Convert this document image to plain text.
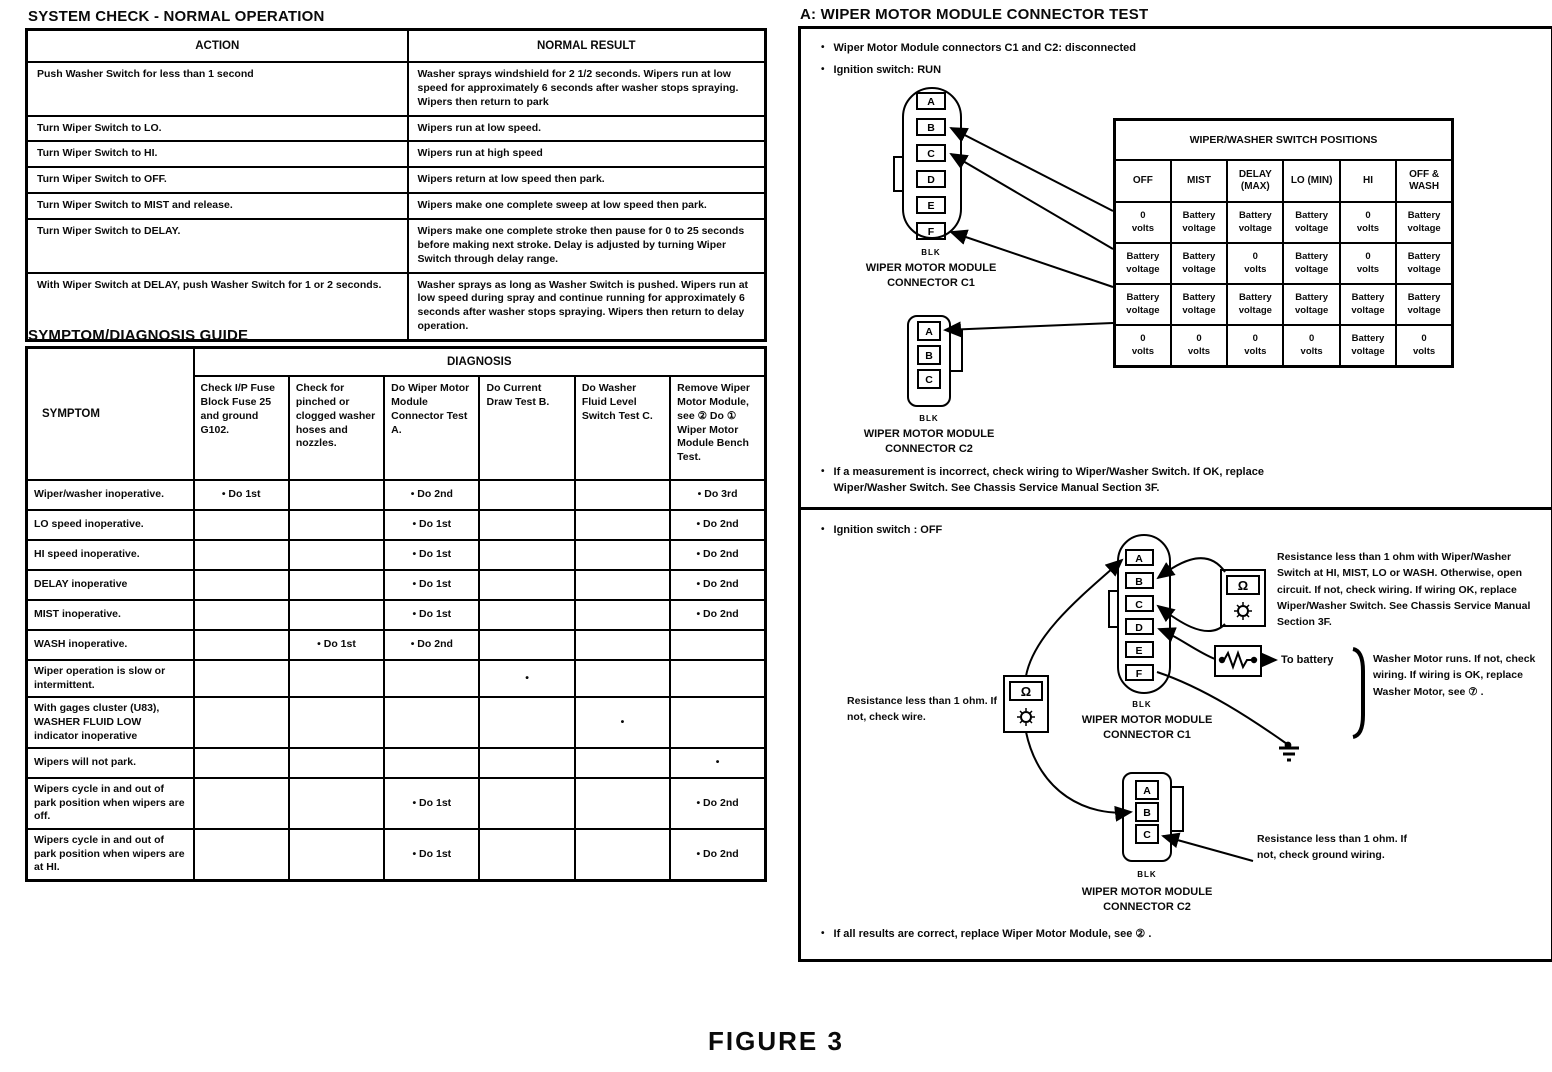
SYSTEM CHECK - NORMAL OPERATION
ACTION	NORMAL RESULT
Push Washer Switch for less than 1 second	Washer sprays windshield for 2 1/2 seconds. Wipers run at low speed for approximately 6 seconds after washer stops spraying. Wipers then return to park
Turn Wiper Switch to LO.	Wipers run at low speed.
Turn Wiper Switch to HI.	Wipers run at high speed
Turn Wiper Switch to OFF.	Wipers return at low speed then park.
Turn Wiper Switch to MIST and release.	Wipers make one complete sweep at low speed then park.
Turn Wiper Switch to DELAY.	Wipers make one complete stroke then pause for 0 to 25 seconds before making next stroke. Delay is adjusted by turning Wiper Switch through delay range.
With Wiper Switch at DELAY, push Washer Switch for 1 or 2 seconds.	Washer sprays as long as Washer Switch is pushed. Wipers run at low speed during spray and continue running for approximately 6 seconds after washer stops spraying. Wipers then return to delay operation.
SYMPTOM/DIAGNOSIS GUIDE
SYMPTOM	DIAGNOSIS					
	Check I/P Fuse Block Fuse 25 and ground G102.	Check for pinched or clogged washer hoses and nozzles.	Do Wiper Motor Module Connector Test A.	Do Current Draw Test B.	Do Washer Fluid Level Switch Test C.	Remove Wiper Motor Module, see ② Do ① Wiper Motor Module Bench Test.
Wiper/washer inoperative.	• Do 1st		• Do 2nd			• Do 3rd
LO speed inoperative.			• Do 1st			• Do 2nd
HI speed inoperative.			• Do 1st			• Do 2nd
DELAY inoperative			• Do 1st			• Do 2nd
MIST inoperative.			• Do 1st			• Do 2nd
WASH inoperative.		• Do 1st	• Do 2nd			
Wiper operation is slow or intermittent.				•		
With gages cluster (U83), WASHER FLUID LOW indicator inoperative					•	
Wipers will not park.						•
Wipers cycle in and out of park position when wipers are off.			• Do 1st			• Do 2nd
Wipers cycle in and out of park position when wipers are at HI.			• Do 1st			• Do 2nd
A: WIPER MOTOR MODULE CONNECTOR TEST
A
B
C
D
E
F
BLK
A
B
C
BLK
A
B
C
D
E
F
BLK
A
B
C
BLK
Ω
Ω
• Wiper Motor Module connectors C1 and C2: disconnected
• Ignition switch: RUN
WIPER/WASHER SWITCH POSITIONS					
OFF	MIST	DELAY (MAX)	LO (MIN)	HI	OFF & WASH
0 volts	Battery voltage	Battery voltage	Battery voltage	0 volts	Battery voltage
Battery voltage	Battery voltage	0 volts	Battery voltage	0 volts	Battery voltage
Battery voltage	Battery voltage	Battery voltage	Battery voltage	Battery voltage	Battery voltage
0 volts	0 volts	0 volts	0 volts	Battery voltage	0 volts
WIPER MOTOR MODULE CONNECTOR C1
WIPER MOTOR MODULE CONNECTOR C2
• If a measurement is incorrect, check wiring to Wiper/Washer Switch. If OK, replace Wiper/Washer Switch. See Chassis Service Manual Section 3F.
• Ignition switch : OFF
Resistance less than 1 ohm with Wiper/Washer Switch at HI, MIST, LO or WASH. Otherwise, open circuit. If not, check wiring. If wiring OK, replace Wiper/Washer Switch. See Chassis Service Manual Section 3F.
To battery	Washer Motor runs. If not, check wiring. If wiring is OK, replace Washer Motor, see ⑦ .
Resistance less than 1 ohm. If not, check wire.	WIPER MOTOR MODULE CONNECTOR C1
Resistance less than 1 ohm. If not, check ground wiring.
WIPER MOTOR MODULE CONNECTOR C2
• If all results are correct, replace Wiper Motor Module, see ② .
FIGURE 3
